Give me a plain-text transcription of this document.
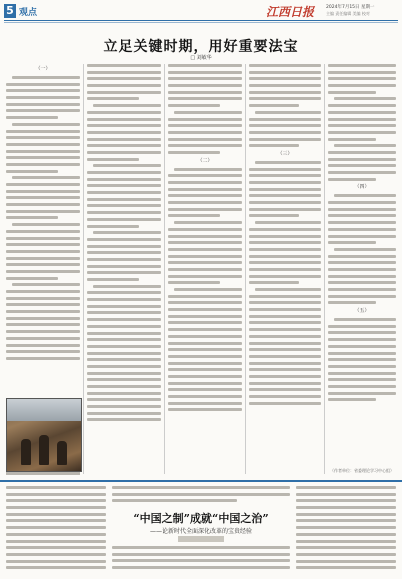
5 观点	江西日报	2024年7月15日 星期一
主编 责任编辑 美编 校对
立足关键时期，用好重要法宝
□ 刘敏华
（一）
（二）
（三）
（四）
（五）
（作者单位：省委理论学习中心组）
“中国之制”成就“中国之治”
——论新时代全面深化改革的宝贵经验
